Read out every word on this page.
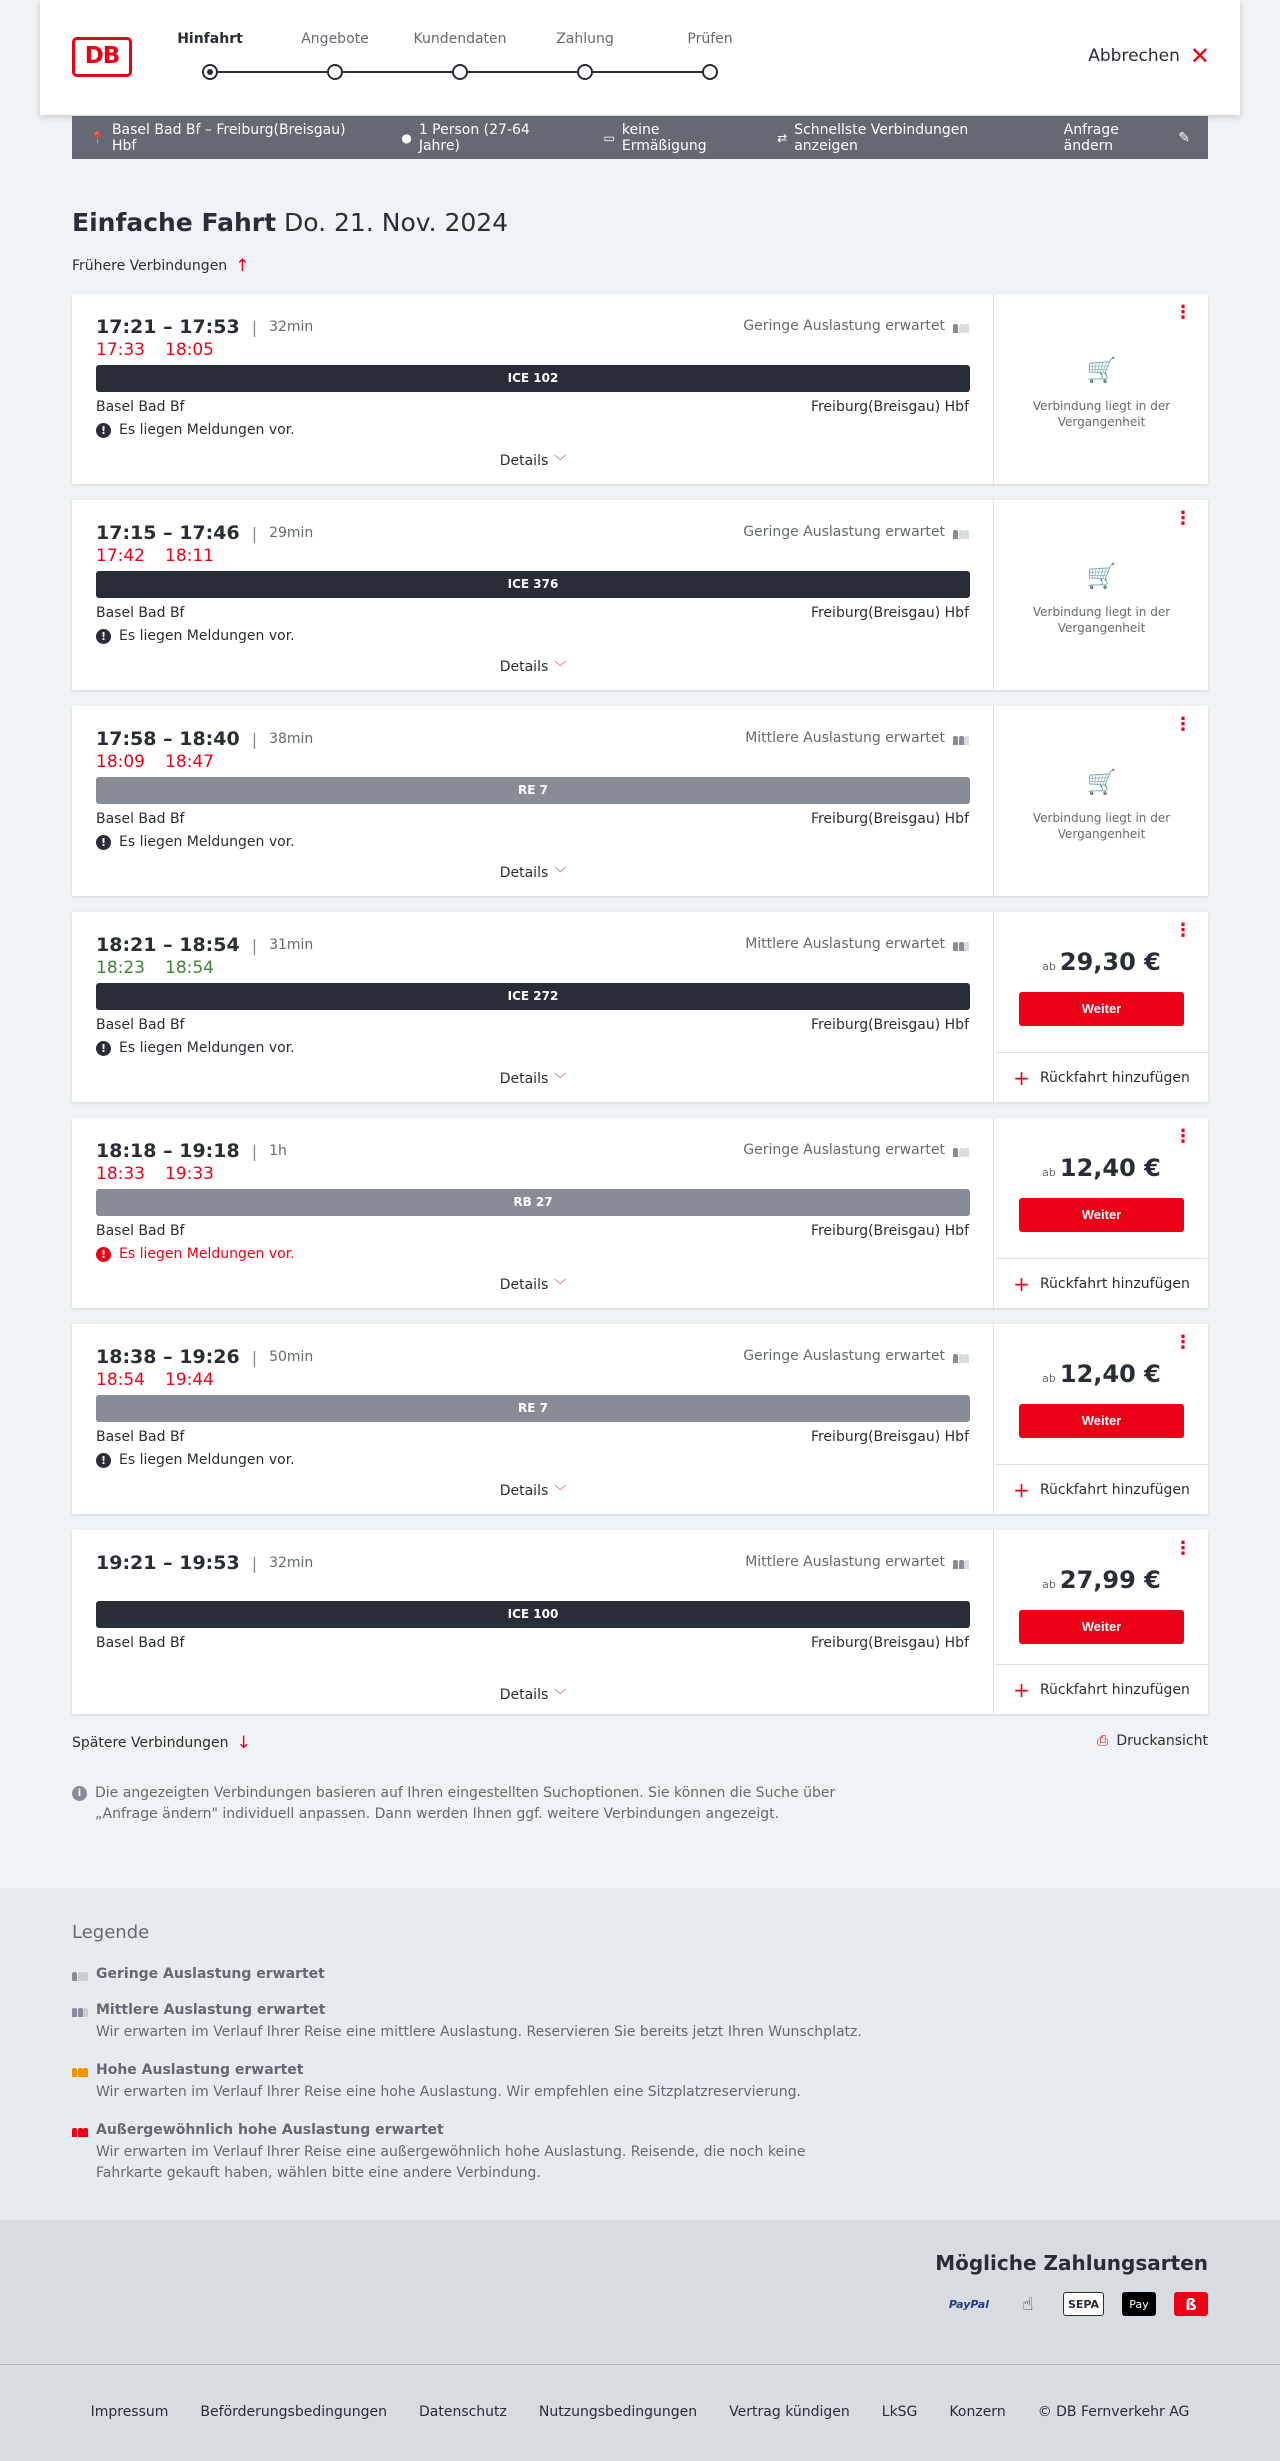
DB
Hinfahrt	Angebote	Kundendaten	Zahlung	Prüfen
Abbrechen ✕
📍 Basel Bad Bf – Freiburg(Breisgau) Hbf	● 1 Person (27-64 Jahre)	▭ keine Ermäßigung	⇄ Schnellste Verbindungen anzeigen
Anfrage ändern	✎
Einfache Fahrt Do. 21. Nov. 2024
Frühere Verbindungen ↑
17:21 – 17:53 | 32min
17:33 18:05
Geringe Auslastung erwartet
ICE 102
Basel Bad Bf	Freiburg(Breisgau) Hbf
! Es liegen Meldungen vor.
Details ﹀
⋮
🛒
Verbindung liegt in der Vergangenheit
17:15 – 17:46 | 29min
17:42 18:11
Geringe Auslastung erwartet
ICE 376
Basel Bad Bf	Freiburg(Breisgau) Hbf
! Es liegen Meldungen vor.
Details ﹀
⋮
🛒
Verbindung liegt in der Vergangenheit
17:58 – 18:40 | 38min
18:09 18:47
Mittlere Auslastung erwartet
RE 7
Basel Bad Bf	Freiburg(Breisgau) Hbf
! Es liegen Meldungen vor.
Details ﹀
⋮
🛒
Verbindung liegt in der Vergangenheit
18:21 – 18:54 | 31min
18:23 18:54
Mittlere Auslastung erwartet
ICE 272
Basel Bad Bf	Freiburg(Breisgau) Hbf
! Es liegen Meldungen vor.
Details ﹀
⋮
ab 29,30 €
Weiter
+ Rückfahrt hinzufügen
18:18 – 19:18 | 1h
18:33 19:33
Geringe Auslastung erwartet
RB 27
Basel Bad Bf	Freiburg(Breisgau) Hbf
! Es liegen Meldungen vor.
Details ﹀
⋮
ab 12,40 €
Weiter
+ Rückfahrt hinzufügen
18:38 – 19:26 | 50min
18:54 19:44
Geringe Auslastung erwartet
RE 7
Basel Bad Bf	Freiburg(Breisgau) Hbf
! Es liegen Meldungen vor.
Details ﹀
⋮
ab 12,40 €
Weiter
+ Rückfahrt hinzufügen
19:21 – 19:53 | 32min	Mittlere Auslastung erwartet
ICE 100
Basel Bad Bf	Freiburg(Breisgau) Hbf
Details ﹀
⋮
ab 27,99 €
Weiter
+ Rückfahrt hinzufügen
Spätere Verbindungen ↓	⎙ Druckansicht
i Die angezeigten Verbindungen basieren auf Ihren eingestellten Suchoptionen. Sie können die Suche über „Anfrage ändern" individuell anpassen. Dann werden Ihnen ggf. weitere Verbindungen angezeigt.
Legende
Geringe Auslastung erwartet
Mittlere Auslastung erwartet
Wir erwarten im Verlauf Ihrer Reise eine mittlere Auslastung. Reservieren Sie bereits jetzt Ihren Wunschplatz.
Hohe Auslastung erwartet
Wir erwarten im Verlauf Ihrer Reise eine hohe Auslastung. Wir empfehlen eine Sitzplatzreservierung.
Außergewöhnlich hohe Auslastung erwartet
Wir erwarten im Verlauf Ihrer Reise eine außergewöhnlich hohe Auslastung. Reisende, die noch keine Fahrkarte gekauft haben, wählen bitte eine andere Verbindung.
Mögliche Zahlungsarten
PayPal	☝	SEPA	Pay	ß
Impressum Beförderungsbedingungen Datenschutz Nutzungsbedingungen Vertrag kündigen LkSG Konzern © DB Fernverkehr AG
